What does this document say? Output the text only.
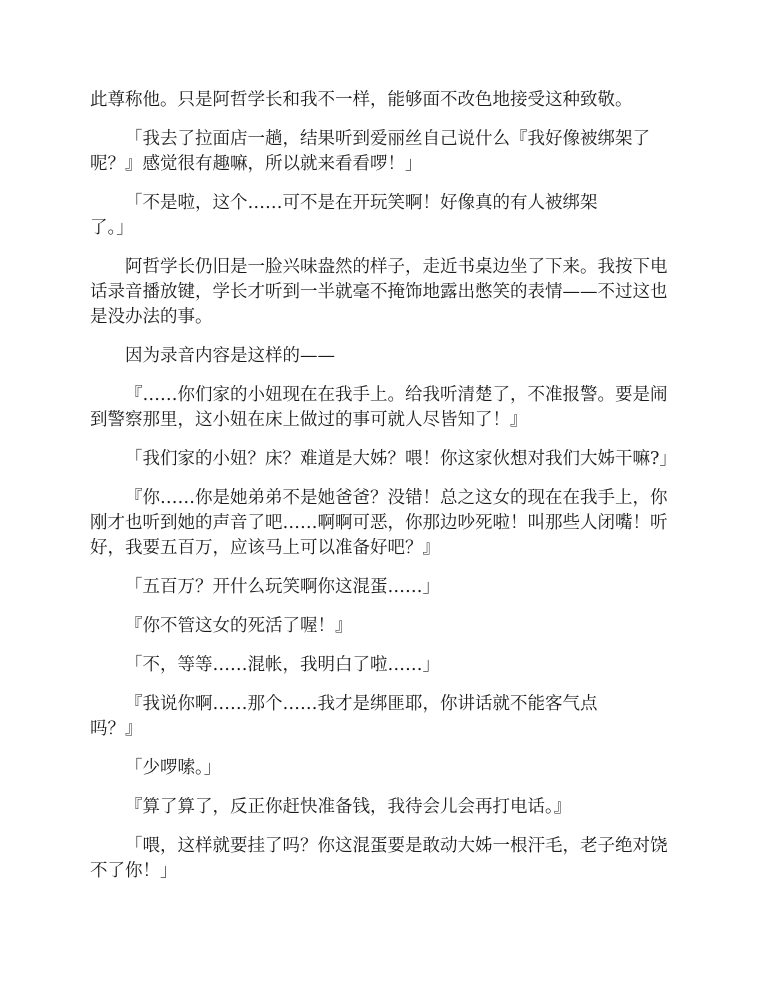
此尊称他。只是阿哲学长和我不一样，能够面不改色地接受这种致敬。

「我去了拉面店一趟，结果听到爱丽丝自己说什么『我好像被绑架了呢？』感觉很有趣嘛，所以就来看看啰！」

「不是啦，这个……可不是在开玩笑啊！好像真的有人被绑架
了。」

阿哲学长仍旧是一脸兴味盎然的样子，走近书桌边坐了下来。我按下电话录音播放键，学长才听到一半就毫不掩饰地露出憋笑的表情——不过这也是没办法的事。

因为录音内容是这样的——

『……你们家的小妞现在在我手上。给我听清楚了，不准报警。要是闹到警察那里，这小妞在床上做过的事可就人尽皆知了！』

「我们家的小妞？床？难道是大姊？喂！你这家伙想对我们大姊干嘛?」

『你……你是她弟弟不是她爸爸？没错！总之这女的现在在我手上，你刚才也听到她的声音了吧……啊啊可恶，你那边吵死啦！叫那些人闭嘴！听好，我要五百万，应该马上可以准备好吧？』

「五百万？开什么玩笑啊你这混蛋……」

『你不管这女的死活了喔！』

「不，等等……混帐，我明白了啦……」

『我说你啊……那个……我才是绑匪耶，你讲话就不能客气点
吗？』

「少啰嗦。」

『算了算了，反正你赶快准备钱，我待会儿会再打电话。』

「喂，这样就要挂了吗？你这混蛋要是敢动大姊一根汗毛，老子绝对饶不了你！」
